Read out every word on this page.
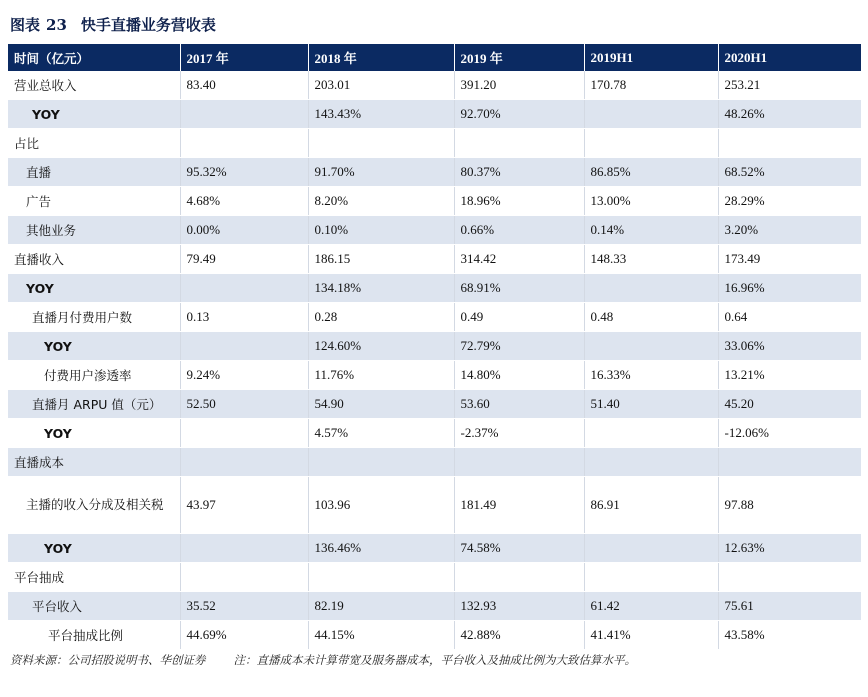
图表 23 快手直播业务营收表
时间（亿元）	2017 年	2018 年	2019 年	2019H1	2020H1
营业总收入	83.40	203.01	391.20	170.78	253.21
YOY		143.43%	92.70%		48.26%
占比					
直播	95.32%	91.70%	80.37%	86.85%	68.52%
广告	4.68%	8.20%	18.96%	13.00%	28.29%
其他业务	0.00%	0.10%	0.66%	0.14%	3.20%
直播收入	79.49	186.15	314.42	148.33	173.49
YOY		134.18%	68.91%		16.96%
直播月付费用户数	0.13	0.28	0.49	0.48	0.64
YOY		124.60%	72.79%		33.06%
付费用户渗透率	9.24%	11.76%	14.80%	16.33%	13.21%
直播月 ARPU 值（元）	52.50	54.90	53.60	51.40	45.20
YOY		4.57%	-2.37%		-12.06%
直播成本					
主播的收入分成及相关税	43.97	103.96	181.49	86.91	97.88
YOY		136.46%	74.58%		12.63%
平台抽成					
平台收入	35.52	82.19	132.93	61.42	75.61
平台抽成比例	44.69%	44.15%	42.88%	41.41%	43.58%
资料来源：公司招股说明书、华创证券 注：直播成本未计算带宽及服务器成本，平台收入及抽成比例为大致估算水平。
